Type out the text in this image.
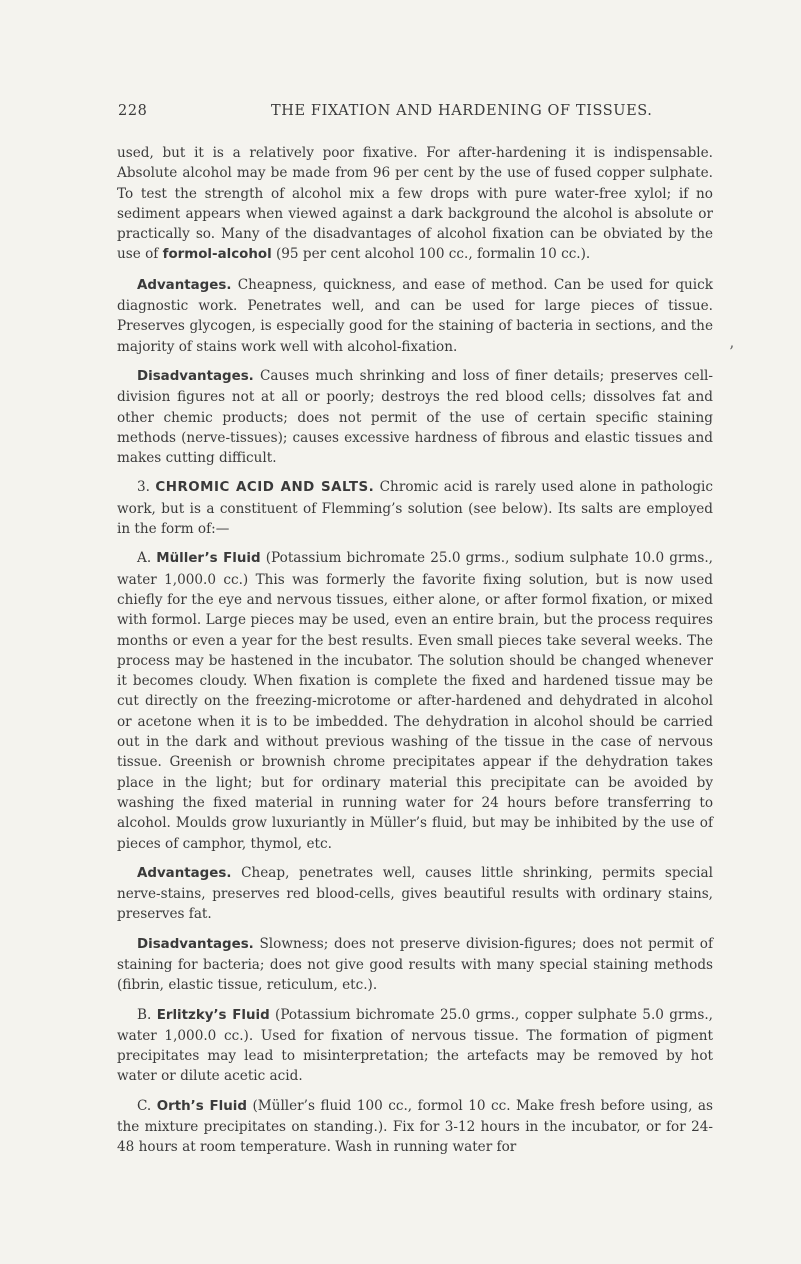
228	THE FIXATION AND HARDENING OF TISSUES.
’

used, but it is a relatively poor fixative. For after-hardening it is indispensable. Absolute alcohol may be made from 96 per cent by the use of fused copper sulphate. To test the strength of alcohol mix a few drops with pure water-free xylol; if no sediment appears when viewed against a dark background the alcohol is absolute or practically so. Many of the disadvantages of alcohol fixation can be obviated by the use of formol-alcohol (95 per cent alcohol 100 cc., formalin 10 cc.).

Advantages. Cheapness, quickness, and ease of method. Can be used for quick diagnostic work. Penetrates well, and can be used for large pieces of tissue. Preserves glycogen, is especially good for the staining of bacteria in sections, and the majority of stains work well with alcohol-fixation.

Disadvantages. Causes much shrinking and loss of finer details; preserves cell-division figures not at all or poorly; destroys the red blood cells; dissolves fat and other chemic products; does not permit of the use of certain specific staining methods (nerve-tissues); causes excessive hardness of fibrous and elastic tissues and makes cutting difficult.

3. CHROMIC ACID AND SALTS. Chromic acid is rarely used alone in pathologic work, but is a constituent of Flemming’s solution (see below). Its salts are employed in the form of:—

A. Müller’s Fluid (Potassium bichromate 25.0 grms., sodium sulphate 10.0 grms., water 1,000.0 cc.) This was formerly the favorite fixing solution, but is now used chiefly for the eye and nervous tissues, either alone, or after formol fixation, or mixed with formol. Large pieces may be used, even an entire brain, but the process requires months or even a year for the best results. Even small pieces take several weeks. The process may be hastened in the incubator. The solution should be changed whenever it becomes cloudy. When fixation is complete the fixed and hardened tissue may be cut directly on the freezing-microtome or after-hardened and dehydrated in alcohol or acetone when it is to be imbedded. The dehydration in alcohol should be carried out in the dark and without previous washing of the tissue in the case of nervous tissue. Greenish or brownish chrome precipitates appear if the dehydration takes place in the light; but for ordinary material this precipitate can be avoided by washing the fixed material in running water for 24 hours before transferring to alcohol. Moulds grow luxuriantly in Müller’s fluid, but may be inhibited by the use of pieces of camphor, thymol, etc.

Advantages. Cheap, penetrates well, causes little shrinking, permits special nerve-stains, preserves red blood-cells, gives beautiful results with ordinary stains, preserves fat.

Disadvantages. Slowness; does not preserve division-figures; does not permit of staining for bacteria; does not give good results with many special staining methods (fibrin, elastic tissue, reticulum, etc.).

B. Erlitzky’s Fluid (Potassium bichromate 25.0 grms., copper sulphate 5.0 grms., water 1,000.0 cc.). Used for fixation of nervous tissue. The formation of pigment precipitates may lead to misinterpretation; the artefacts may be removed by hot water or dilute acetic acid.

C. Orth’s Fluid (Müller’s fluid 100 cc., formol 10 cc. Make fresh before using, as the mixture precipitates on standing.). Fix for 3-12 hours in the incubator, or for 24-48 hours at room temperature. Wash in running water for
